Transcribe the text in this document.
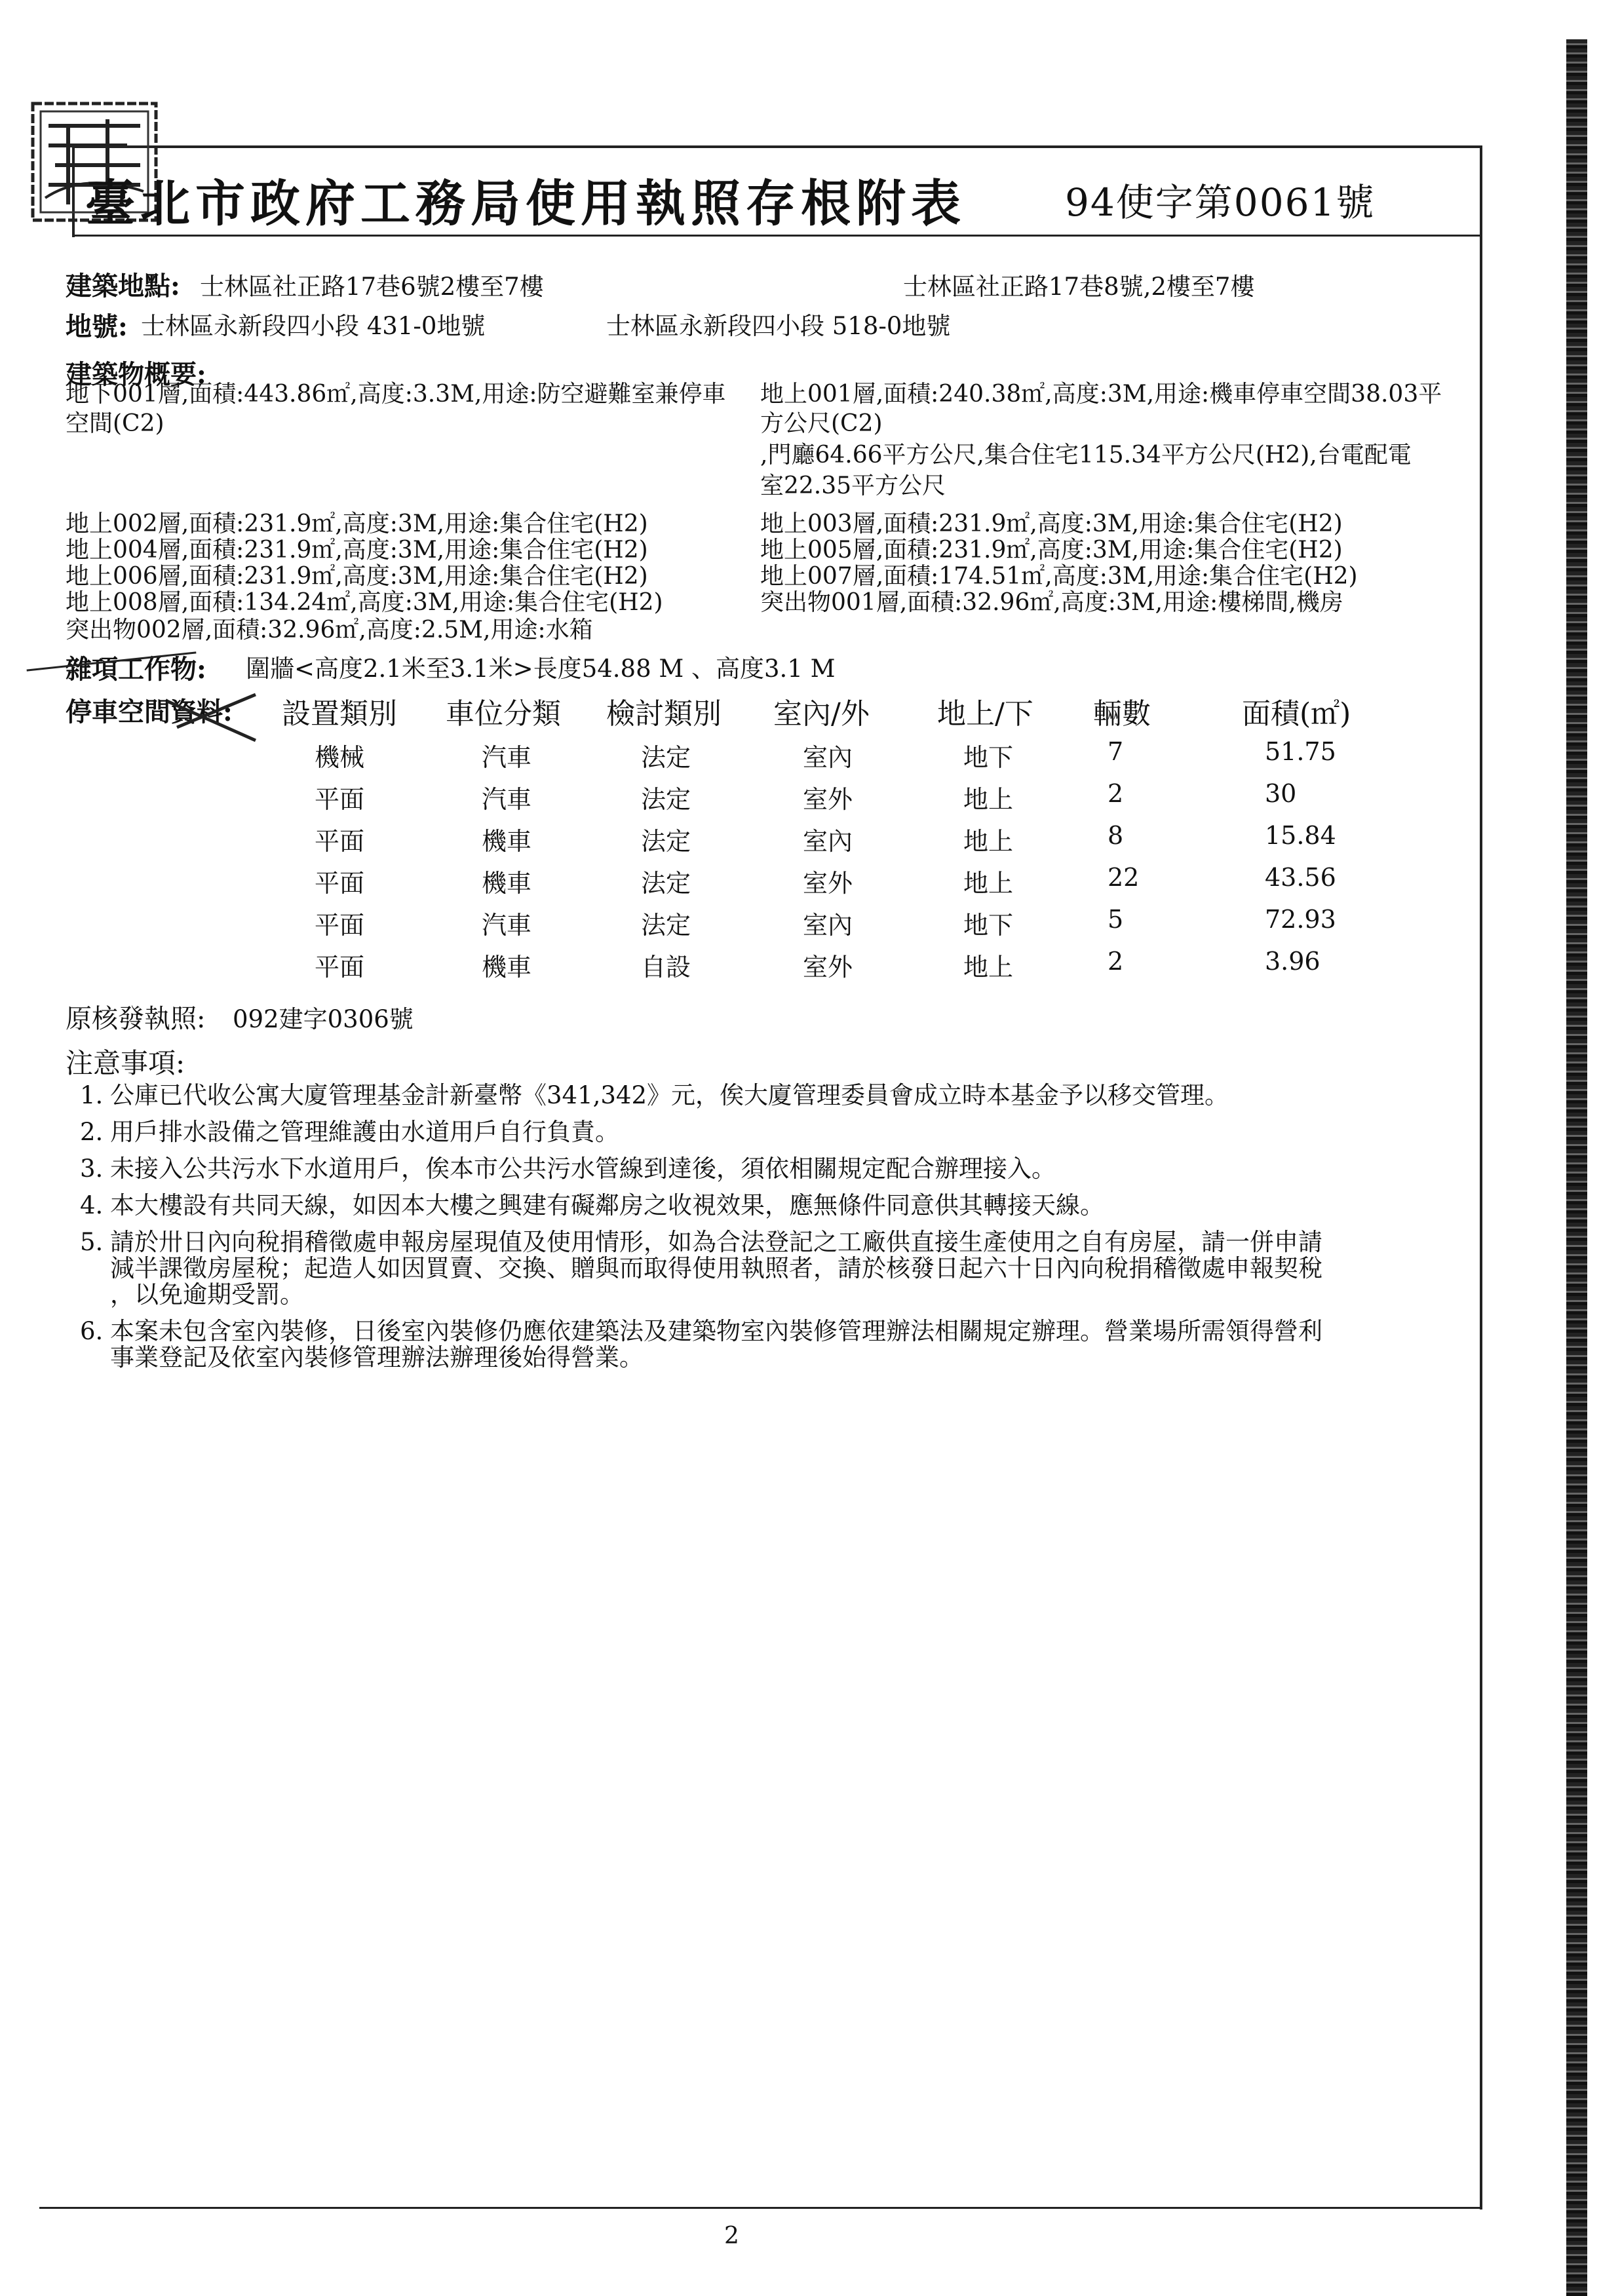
臺北市政府工務局使用執照存根附表	94使字第0061號
建築地點: 士林區社正路17巷6號2樓至7樓	士林區社正路17巷8號,2樓至7樓
地號: 士林區永新段四小段 431-0地號	士林區永新段四小段 518-0地號
建築物概要:
地下001層,面積:443.86㎡,高度:3.3M,用途:防空避難室兼停車
空間(C2)
地上002層,面積:231.9㎡,高度:3M,用途:集合住宅(H2)
地上004層,面積:231.9㎡,高度:3M,用途:集合住宅(H2)
地上006層,面積:231.9㎡,高度:3M,用途:集合住宅(H2)
地上008層,面積:134.24㎡,高度:3M,用途:集合住宅(H2)
突出物002層,面積:32.96㎡,高度:2.5M,用途:水箱
地上001層,面積:240.38㎡,高度:3M,用途:機車停車空間38.03平
方公尺(C2)
,門廳64.66平方公尺,集合住宅115.34平方公尺(H2),台電配電
室22.35平方公尺
地上003層,面積:231.9㎡,高度:3M,用途:集合住宅(H2)
地上005層,面積:231.9㎡,高度:3M,用途:集合住宅(H2)
地上007層,面積:174.51㎡,高度:3M,用途:集合住宅(H2)
突出物001層,面積:32.96㎡,高度:3M,用途:樓梯間,機房
雜項工作物: 圍牆<高度2.1米至3.1米>長度54.88 M 、高度3.1 M
停車空間資料: 設置類別 車位分類 檢討類別 室內/外 地上/下 輛數	面積(㎡)
機械	汽車	法定	室內	地下	7	51.75
平面	汽車	法定	室外	地上	2	30
平面	機車	法定	室內	地上	8	15.84
平面	機車	法定	室外	地上	22	43.56
平面	汽車	法定	室內	地下	5	72.93
平面	機車	自設	室外	地上	2	3.96
原核發執照: 092建字0306號
注意事項:
1. 公庫已代收公寓大廈管理基金計新臺幣《341,342》元，俟大廈管理委員會成立時本基金予以移交管理。
2. 用戶排水設備之管理維護由水道用戶自行負責。
3. 未接入公共污水下水道用戶，俟本市公共污水管線到達後，須依相關規定配合辦理接入。
4. 本大樓設有共同天線，如因本大樓之興建有礙鄰房之收視效果，應無條件同意供其轉接天線。
5. 請於卅日內向稅捐稽徵處申報房屋現值及使用情形，如為合法登記之工廠供直接生產使用之自有房屋，請一併申請
減半課徵房屋稅；起造人如因買賣、交換、贈與而取得使用執照者，請於核發日起六十日內向稅捐稽徵處申報契稅
，以免逾期受罰。
6. 本案未包含室內裝修，日後室內裝修仍應依建築法及建築物室內裝修管理辦法相關規定辦理。營業場所需領得營利
事業登記及依室內裝修管理辦法辦理後始得營業。
2
